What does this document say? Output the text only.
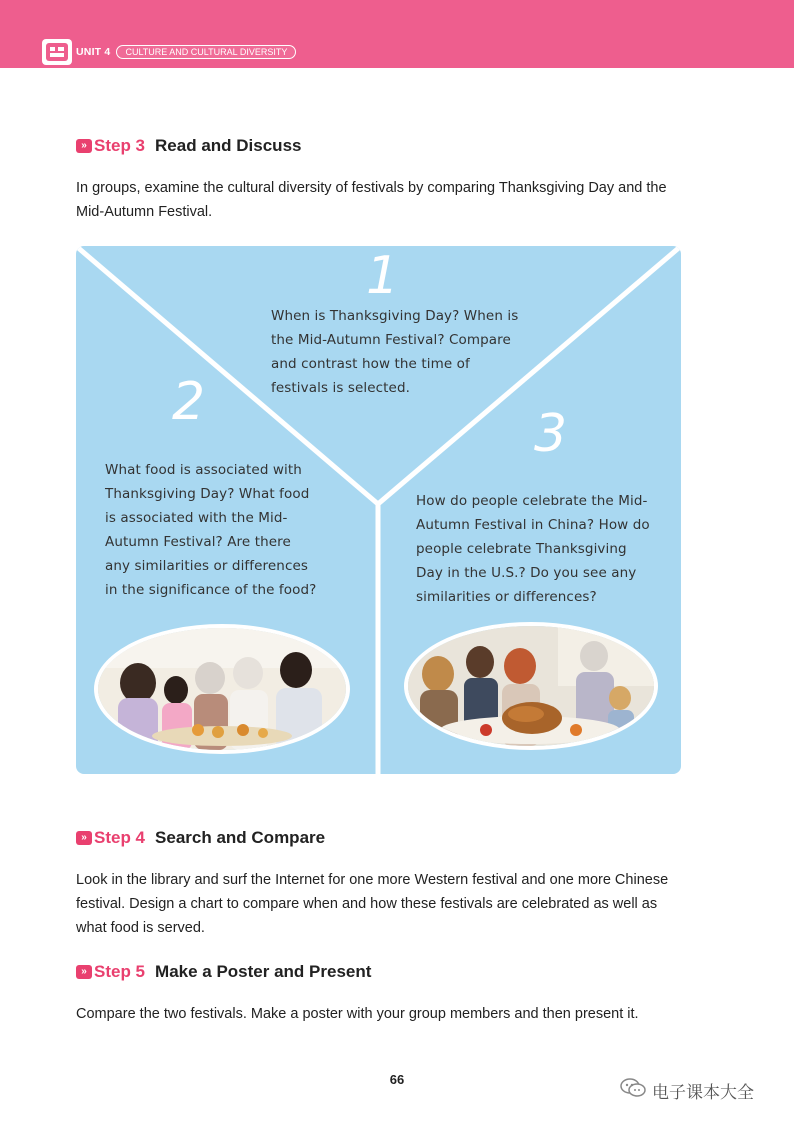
UNIT 4	CULTURE AND CULTURAL DIVERSITY
» Step 3 Read and Discuss
In groups, examine the cultural diversity of festivals by comparing Thanksgiving Day and the Mid-Autumn Festival.
1
When is Thanksgiving Day? When is the Mid-Autumn Festival? Compare and contrast how the time of festivals is selected.
2
What food is associated with Thanksgiving Day? What food is associated with the Mid-Autumn Festival? Are there any similarities or differences in the significance of the food?
3
How do people celebrate the Mid-Autumn Festival in China? How do people celebrate Thanksgiving Day in the U.S.? Do you see any similarities or differences?
» Step 4 Search and Compare
Look in the library and surf the Internet for one more Western festival and one more Chinese festival. Design a chart to compare when and how these festivals are celebrated as well as what food is served.
» Step 5 Make a Poster and Present
Compare the two festivals. Make a poster with your group members and then present it.
66
电子课本大全
